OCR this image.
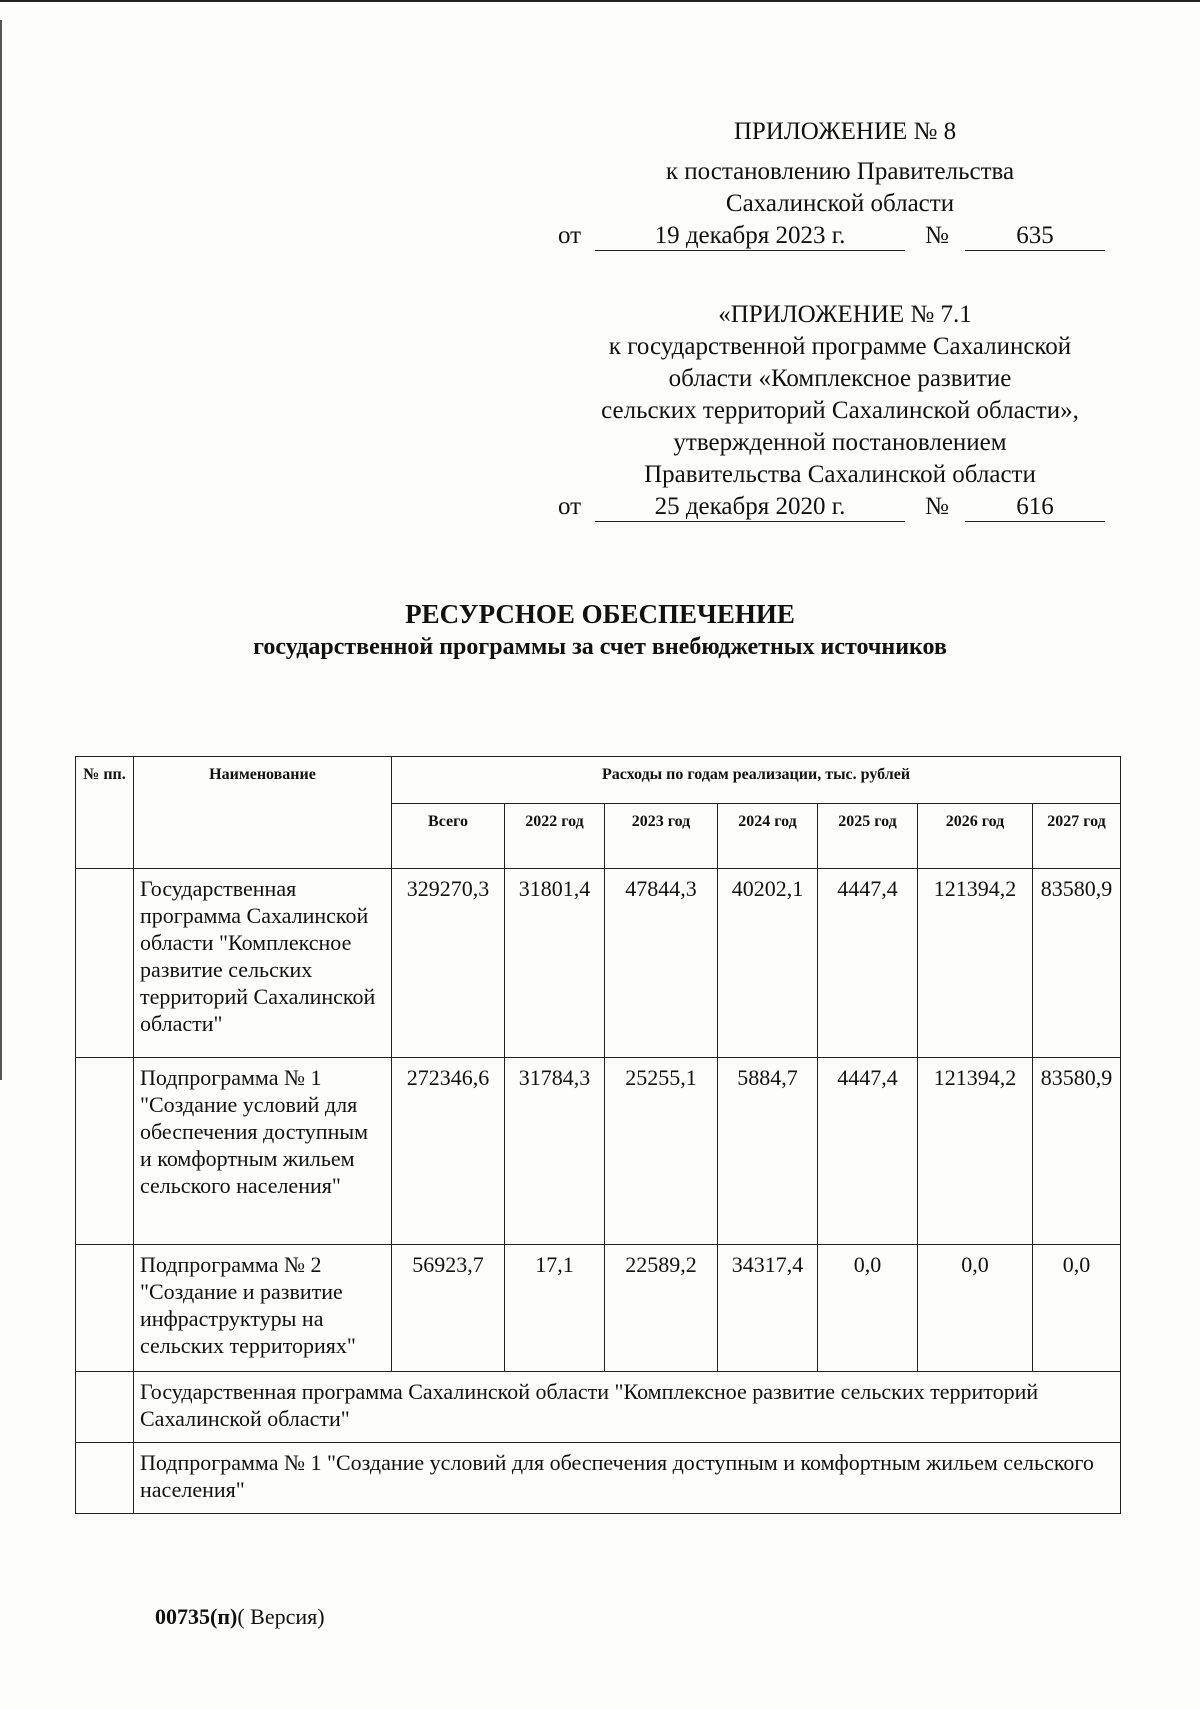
ПРИЛОЖЕНИЕ № 8
к постановлению Правительства
Сахалинской области
от	19 декабря 2023 г.	№	635
«ПРИЛОЖЕНИЕ № 7.1
к государственной программе Сахалинской
области «Комплексное развитие
сельских территорий Сахалинской области»,
утвержденной постановлением
Правительства Сахалинской области
от	25 декабря 2020 г.	№	616
РЕСУРСНОЕ ОБЕСПЕЧЕНИЕ
государственной программы за счет внебюджетных источников
№ пп.	Наименование	Расходы по годам реализации, тыс. рублей						
		Всего	2022 год	2023 год	2024 год	2025 год	2026 год	2027 год
	Государственная программа Сахалинской области "Комплексное развитие сельских территорий Сахалинской области"	329270,3	31801,4	47844,3	40202,1	4447,4	121394,2	83580,9
	Подпрограмма № 1 "Создание условий для обеспечения доступным и комфортным жильем сельского населения"	272346,6	31784,3	25255,1	5884,7	4447,4	121394,2	83580,9
	Подпрограмма № 2 "Создание и развитие инфраструктуры на сельских территориях"	56923,7	17,1	22589,2	34317,4	0,0	0,0	0,0
	Государственная программа Сахалинской области "Комплексное развитие сельских территорий Сахалинской области"							
	Подпрограмма № 1 "Создание условий для обеспечения доступным и комфортным жильем сельского населения"							
00735(п)( Версия)
